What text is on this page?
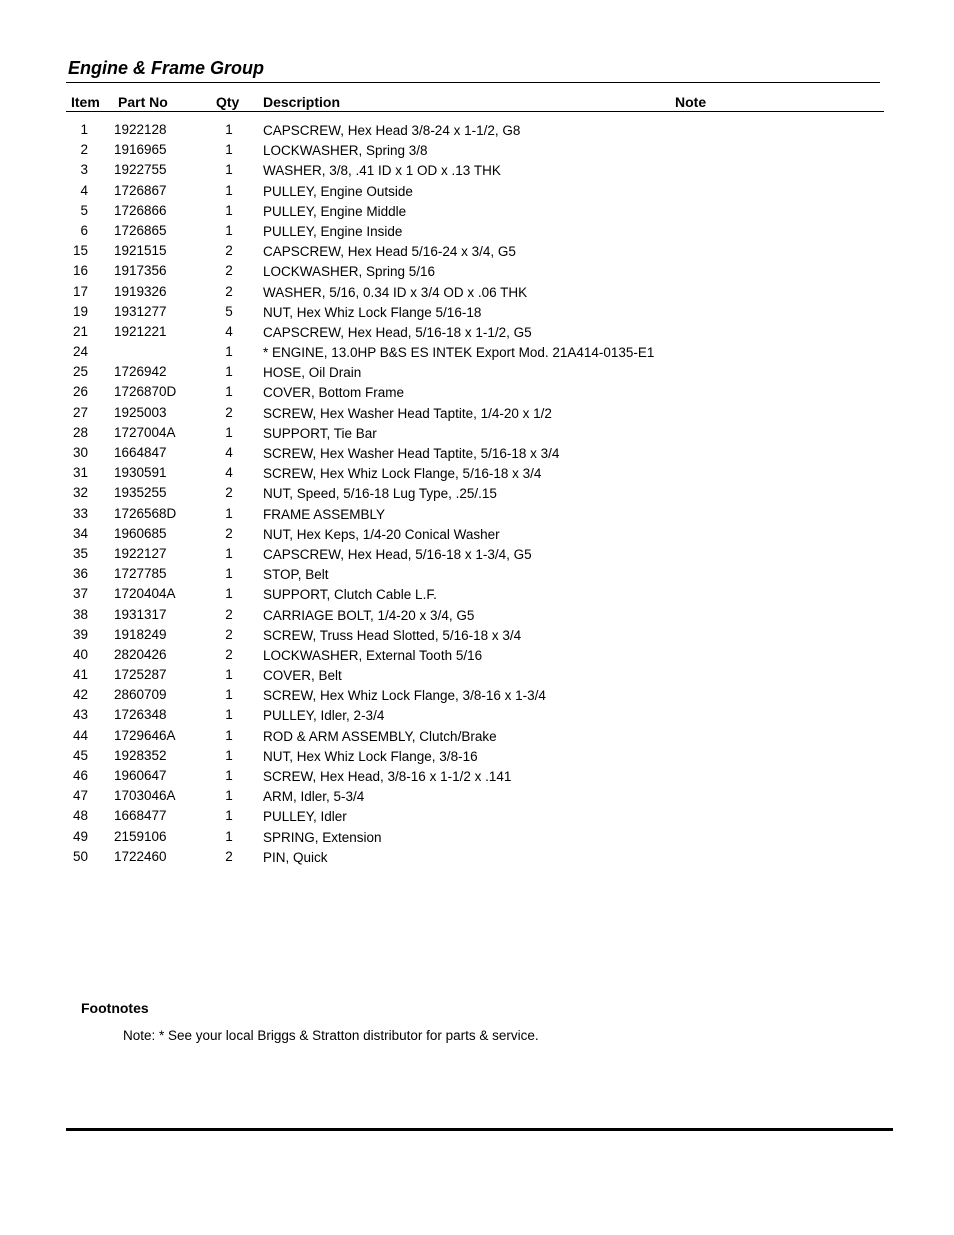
Engine & Frame Group
Item Part No	Qty Description	Note
1 1922128	1 CAPSCREW, Hex Head 3/8-24 x 1-1/2, G8
2 1916965	1 LOCKWASHER, Spring 3/8
3 1922755	1 WASHER, 3/8, .41 ID x 1 OD x .13 THK
4 1726867	1 PULLEY, Engine Outside
5 1726866	1 PULLEY, Engine Middle
6 1726865	1 PULLEY, Engine Inside
15 1921515	2 CAPSCREW, Hex Head 5/16-24 x 3/4, G5
16 1917356	2 LOCKWASHER, Spring 5/16
17 1919326	2 WASHER, 5/16, 0.34 ID x 3/4 OD x .06 THK
19 1931277	5 NUT, Hex Whiz Lock Flange 5/16-18
21 1921221	4 CAPSCREW, Hex Head, 5/16-18 x 1-1/2, G5
24	1 * ENGINE, 13.0HP B&S ES INTEK Export Mod. 21A414-0135-E1
25 1726942	1 HOSE, Oil Drain
26 1726870D	1 COVER, Bottom Frame
27 1925003	2 SCREW, Hex Washer Head Taptite, 1/4-20 x 1/2
28 1727004A	1 SUPPORT, Tie Bar
30 1664847	4 SCREW, Hex Washer Head Taptite, 5/16-18 x 3/4
31 1930591	4 SCREW, Hex Whiz Lock Flange, 5/16-18 x 3/4
32 1935255	2 NUT, Speed, 5/16-18 Lug Type, .25/.15
33 1726568D	1 FRAME ASSEMBLY
34 1960685	2 NUT, Hex Keps, 1/4-20 Conical Washer
35 1922127	1 CAPSCREW, Hex Head, 5/16-18 x 1-3/4, G5
36 1727785	1 STOP, Belt
37 1720404A	1 SUPPORT, Clutch Cable L.F.
38 1931317	2 CARRIAGE BOLT, 1/4-20 x 3/4, G5
39 1918249	2 SCREW, Truss Head Slotted, 5/16-18 x 3/4
40 2820426	2 LOCKWASHER, External Tooth 5/16
41 1725287	1 COVER, Belt
42 2860709	1 SCREW, Hex Whiz Lock Flange, 3/8-16 x 1-3/4
43 1726348	1 PULLEY, Idler, 2-3/4
44 1729646A	1 ROD & ARM ASSEMBLY, Clutch/Brake
45 1928352	1 NUT, Hex Whiz Lock Flange, 3/8-16
46 1960647	1 SCREW, Hex Head, 3/8-16 x 1-1/2 x .141
47 1703046A	1 ARM, Idler, 5-3/4
48 1668477	1 PULLEY, Idler
49 2159106	1 SPRING, Extension
50 1722460	2 PIN, Quick
Footnotes
Note: * See your local Briggs & Stratton distributor for parts & service.
